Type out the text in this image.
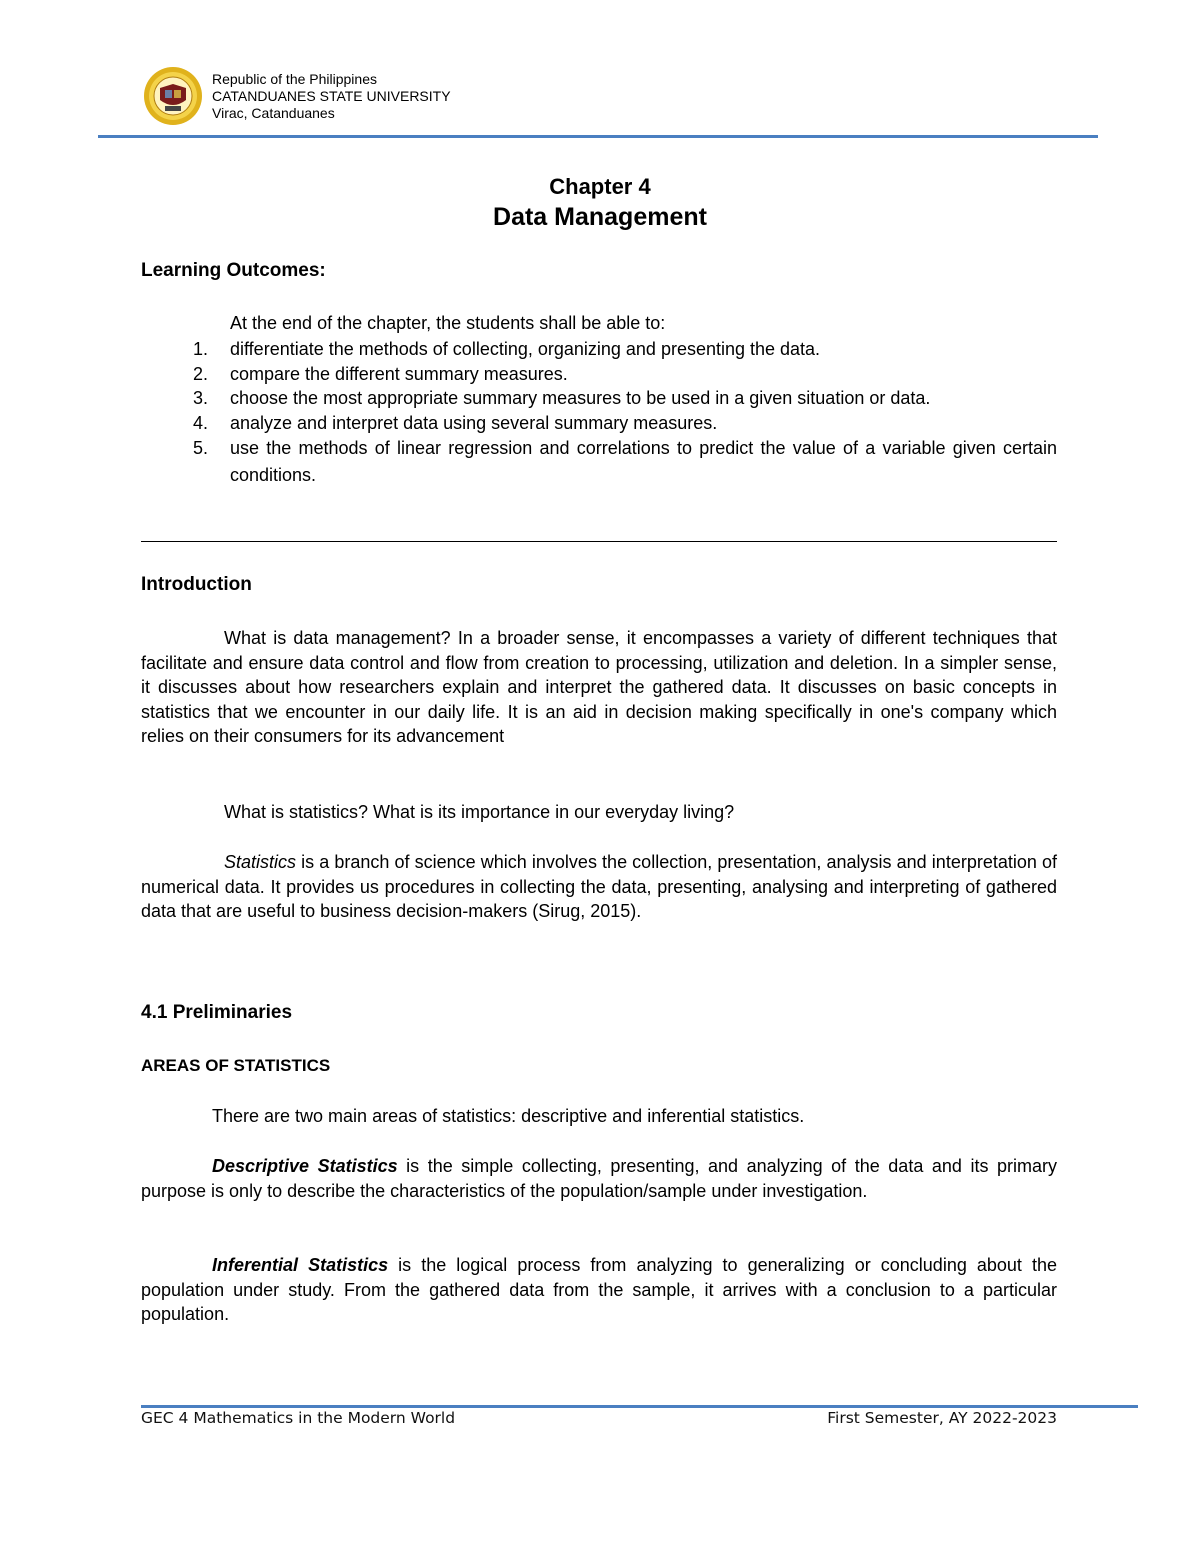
Republic of the Philippines
CATANDUANES STATE UNIVERSITY
Virac, Catanduanes
Chapter 4
Data Management
Learning Outcomes:
At the end of the chapter, the students shall be able to:
1.	differentiate the methods of collecting, organizing and presenting the data.
2.	compare the different summary measures.
3.	choose the most appropriate summary measures to be used in a given situation or data.
4.	analyze and interpret data using several summary measures.
5.	use the methods of linear regression and correlations to predict the value of a variable given certain conditions.
Introduction
What is data management? In a broader sense, it encompasses a variety of different techniques that facilitate and ensure data control and flow from creation to processing, utilization and deletion. In a simpler sense, it discusses about how researchers explain and interpret the gathered data. It discusses on basic concepts in statistics that we encounter in our daily life. It is an aid in decision making specifically in one's company which relies on their consumers for its advancement
What is statistics? What is its importance in our everyday living?
Statistics is a branch of science which involves the collection, presentation, analysis and interpretation of numerical data. It provides us procedures in collecting the data, presenting, analysing and interpreting of gathered data that are useful to business decision-makers (Sirug, 2015).
4.1 Preliminaries
AREAS OF STATISTICS
There are two main areas of statistics: descriptive and inferential statistics.
Descriptive Statistics is the simple collecting, presenting, and analyzing of the data and its primary purpose is only to describe the characteristics of the population/sample under investigation.
Inferential Statistics is the logical process from analyzing to generalizing or concluding about the population under study. From the gathered data from the sample, it arrives with a conclusion to a particular population.
GEC 4 Mathematics in the Modern World	First Semester, AY 2022-2023
